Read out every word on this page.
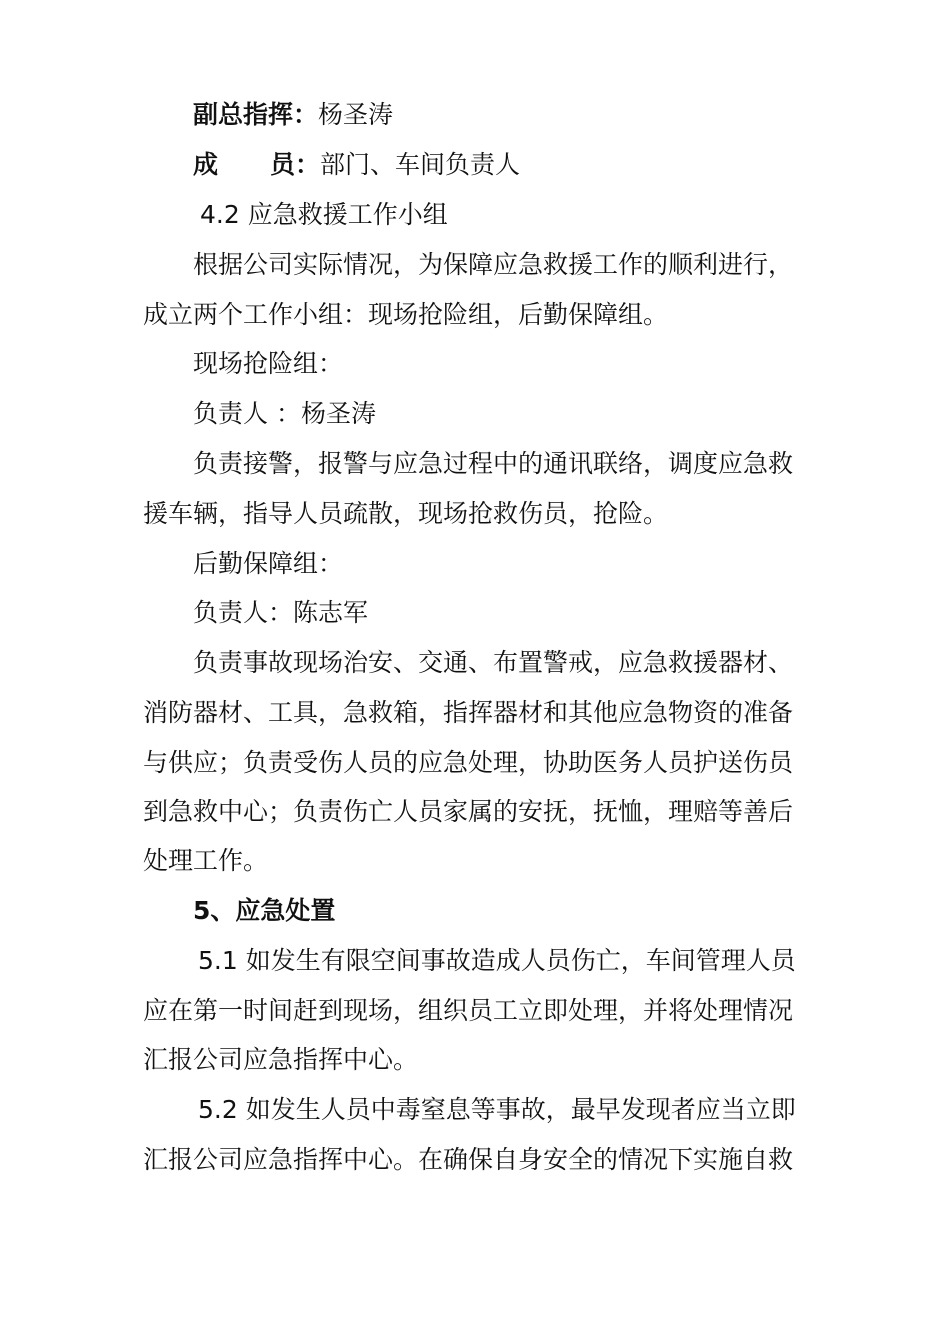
副总指挥：杨圣涛
成 员：部门、车间负责人
4.2 应急救援工作小组
根据公司实际情况，为保障应急救援工作的顺利进行，
成立两个工作小组：现场抢险组，后勤保障组。
现场抢险组：
负责人 ：杨圣涛
负责接警，报警与应急过程中的通讯联络，调度应急救
援车辆，指导人员疏散，现场抢救伤员，抢险。
后勤保障组：
负责人：陈志军
负责事故现场治安、交通、布置警戒，应急救援器材、
消防器材、工具，急救箱，指挥器材和其他应急物资的准备
与供应；负责受伤人员的应急处理，协助医务人员护送伤员
到急救中心；负责伤亡人员家属的安抚，抚恤，理赔等善后
处理工作。
5、应急处置
5.1 如发生有限空间事故造成人员伤亡，车间管理人员
应在第一时间赶到现场，组织员工立即处理，并将处理情况
汇报公司应急指挥中心。
5.2 如发生人员中毒窒息等事故，最早发现者应当立即
汇报公司应急指挥中心。在确保自身安全的情况下实施自救
